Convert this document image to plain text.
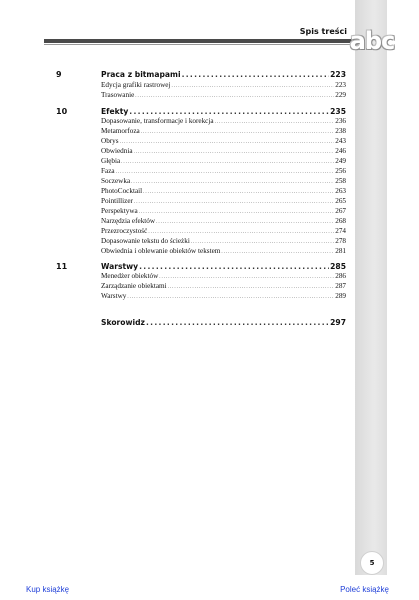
Spis treści abc
9	Praca z bitmapami .....	223
Edycja grafiki rastrowej .....	223
Trasowanie .....	229
10	Efekty .....	235
Dopasowanie, transformacje i korekcja .....	236
Metamorfoza .....	238
Obrys .....	243
Obwiednia .....	246
Głębia .....	249
Faza .....	256
Soczewka .....	258
PhotoCocktail .....	263
Pointillizer .....	265
Perspektywa .....	267
Narzędzia efektów .....	268
Przezroczystość .....	274
Dopasowanie tekstu do ścieżki .....	278
Obwiednia i oblewanie obiektów tekstem .....	281
11	Warstwy .....	285
Menedżer obiektów .....	286
Zarządzanie obiektami .....	287
Warstwy .....	289
Skorowidz .....	297
5
Kup książkę	Poleć książkę
